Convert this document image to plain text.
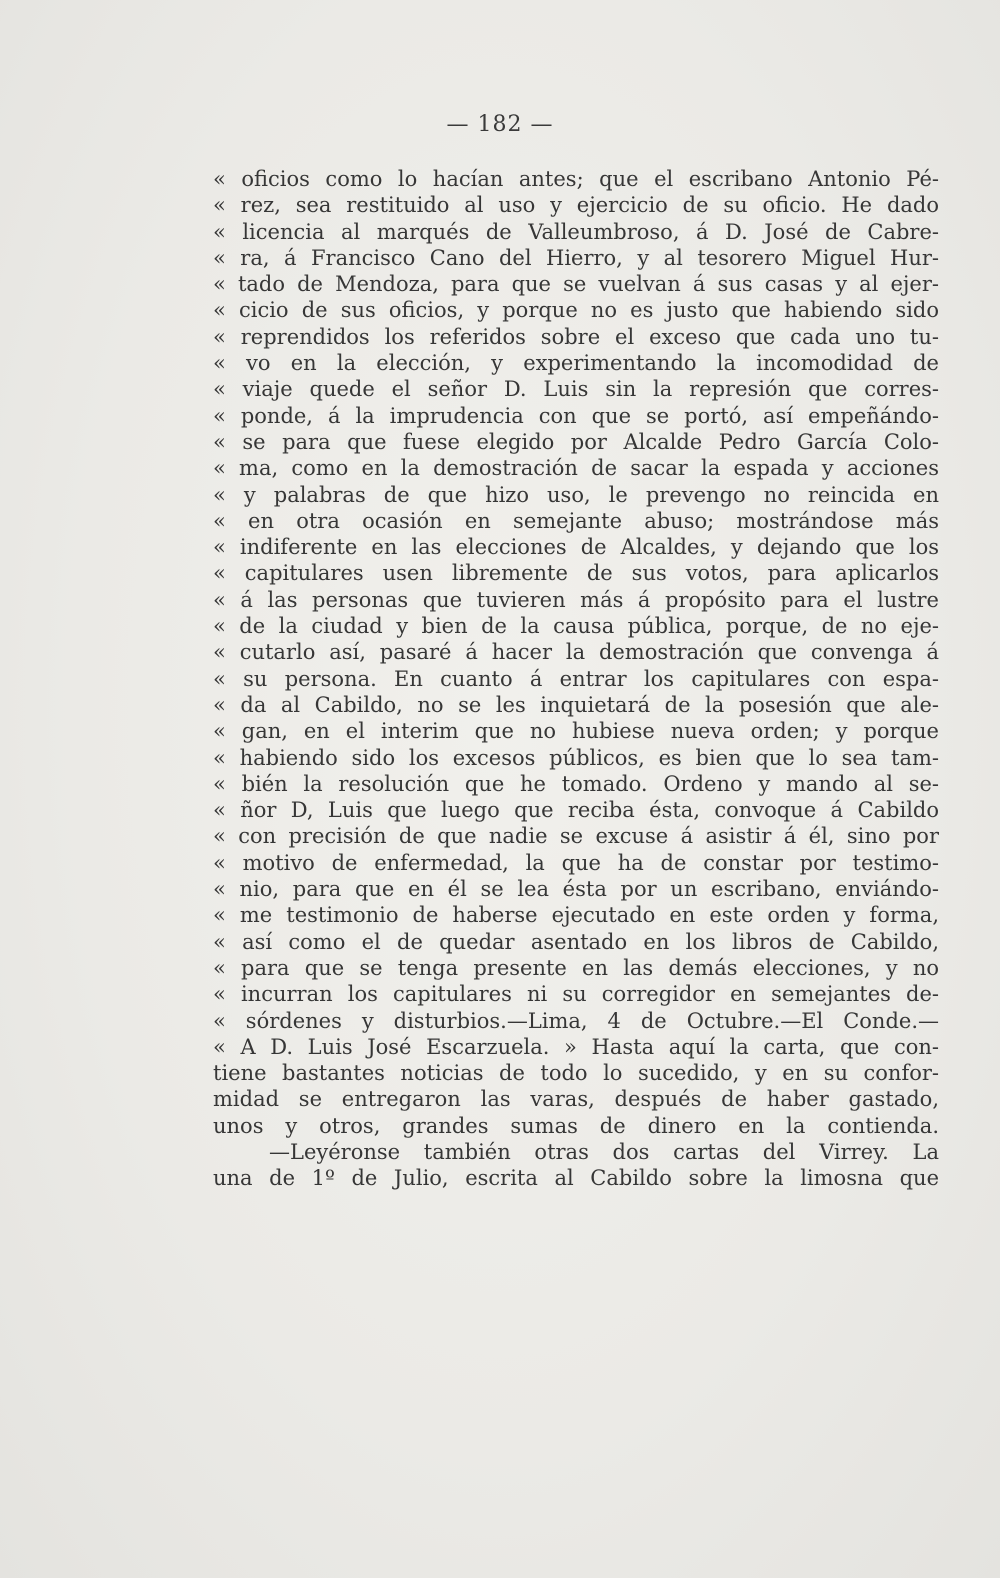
— 182 —
« oficios como lo hacían antes; que el escribano Antonio Pé-
« rez, sea restituido al uso y ejercicio de su oficio. He dado
« licencia al marqués de Valleumbroso, á D. José de Cabre-
« ra, á Francisco Cano del Hierro, y al tesorero Miguel Hur-
« tado de Mendoza, para que se vuelvan á sus casas y al ejer-
« cicio de sus oficios, y porque no es justo que habiendo sido
« reprendidos los referidos sobre el exceso que cada uno tu-
« vo en la elección, y experimentando la incomodidad de
« viaje quede el señor D. Luis sin la represión que corres-
« ponde, á la imprudencia con que se portó, así empeñándo-
« se para que fuese elegido por Alcalde Pedro García Colo-
« ma, como en la demostración de sacar la espada y acciones
« y palabras de que hizo uso, le prevengo no reincida en
« en otra ocasión en semejante abuso; mostrándose más
« indiferente en las elecciones de Alcaldes, y dejando que los
« capitulares usen libremente de sus votos, para aplicarlos
« á las personas que tuvieren más á propósito para el lustre
« de la ciudad y bien de la causa pública, porque, de no eje-
« cutarlo así, pasaré á hacer la demostración que convenga á
« su persona. En cuanto á entrar los capitulares con espa-
« da al Cabildo, no se les inquietará de la posesión que ale-
« gan, en el interim que no hubiese nueva orden; y porque
« habiendo sido los excesos públicos, es bien que lo sea tam-
« bién la resolución que he tomado. Ordeno y mando al se-
« ñor D, Luis que luego que reciba ésta, convoque á Cabildo
« con precisión de que nadie se excuse á asistir á él, sino por
« motivo de enfermedad, la que ha de constar por testimo-
« nio, para que en él se lea ésta por un escribano, enviándo-
« me testimonio de haberse ejecutado en este orden y forma,
« así como el de quedar asentado en los libros de Cabildo,
« para que se tenga presente en las demás elecciones, y no
« incurran los capitulares ni su corregidor en semejantes de-
« sórdenes y disturbios.—Lima, 4 de Octubre.—El Conde.—
« A D. Luis José Escarzuela. » Hasta aquí la carta, que con-
tiene bastantes noticias de todo lo sucedido, y en su confor-
midad se entregaron las varas, después de haber gastado,
unos y otros, grandes sumas de dinero en la contienda.
—Leyéronse también otras dos cartas del Virrey. La
una de 1º de Julio, escrita al Cabildo sobre la limosna que
